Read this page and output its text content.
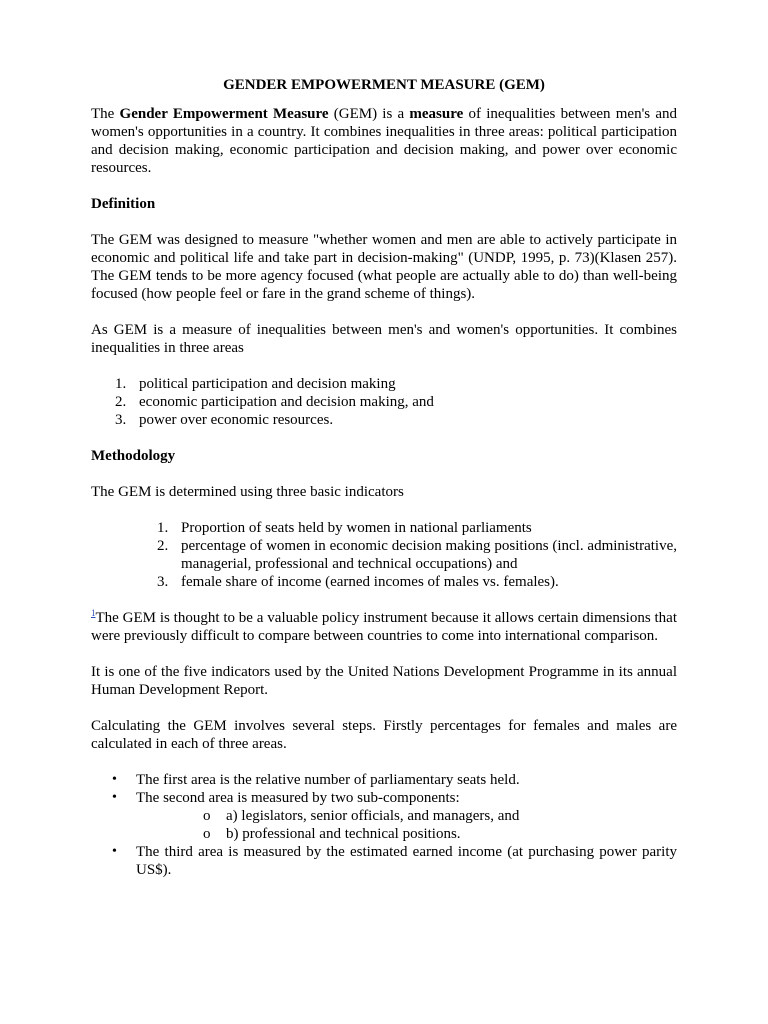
GENDER EMPOWERMENT MEASURE (GEM)

The Gender Empowerment Measure (GEM) is a measure of inequalities between men's and women's opportunities in a country. It combines inequalities in three areas: political participation and decision making, economic participation and decision making, and power over economic resources.

Definition

The GEM was designed to measure "whether women and men are able to actively participate in economic and political life and take part in decision-making" (UNDP, 1995, p. 73)(Klasen 257). The GEM tends to be more agency focused (what people are actually able to do) than well-being focused (how people feel or fare in the grand scheme of things).

As GEM is a measure of inequalities between men's and women's opportunities. It combines inequalities in three areas

1. political participation and decision making
2. economic participation and decision making, and
3. power over economic resources.
Methodology

The GEM is determined using three basic indicators

1. Proportion of seats held by women in national parliaments
2. percentage of women in economic decision making positions (incl. administrative, managerial, professional and technical occupations) and
3. female share of income (earned incomes of males vs. females).

$^1$The GEM is thought to be a valuable policy instrument because it allows certain dimensions that were previously difficult to compare between countries to come into international comparison.

It is one of the five indicators used by the United Nations Development Programme in its annual Human Development Report.

Calculating the GEM involves several steps. Firstly percentages for females and males are calculated in each of three areas.

• The first area is the relative number of parliamentary seats held.
• The second area is measured by two sub-components:
o a) legislators, senior officials, and managers, and
o b) professional and technical positions.
• The third area is measured by the estimated earned income (at purchasing power parity US$).
